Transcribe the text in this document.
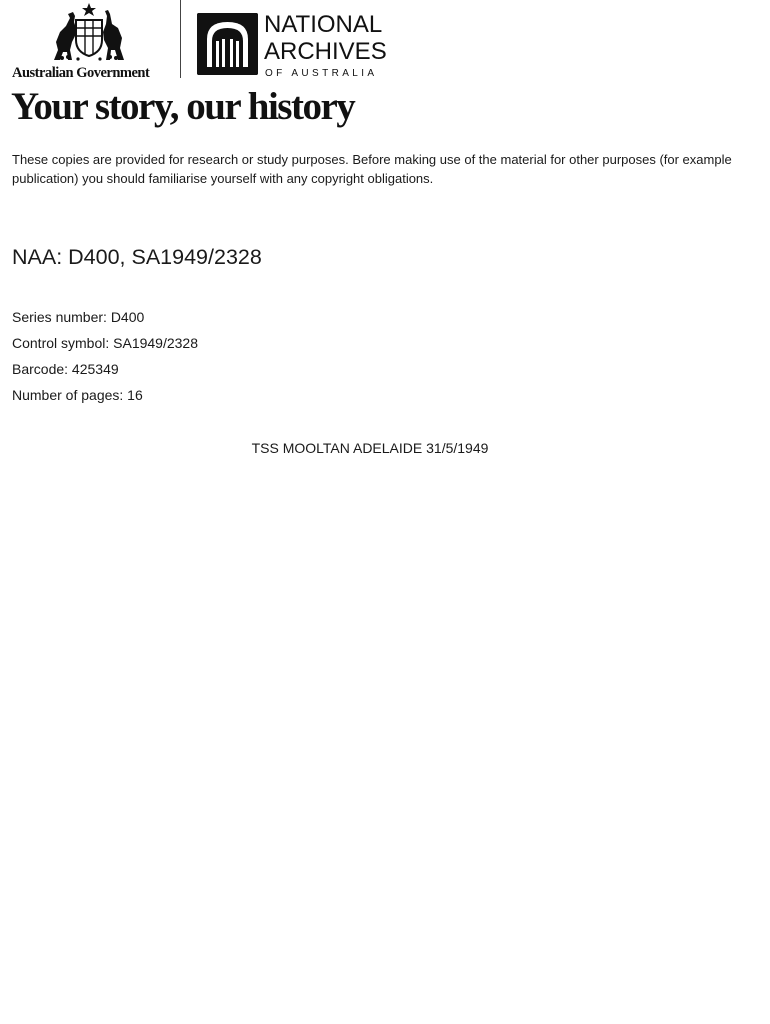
Australian Government
NATIONAL
ARCHIVES
OF AUSTRALIA
Your story, our history

These copies are provided for research or study purposes. Before making use of the material for other purposes (for example publication) you should familiarise yourself with any copyright obligations.

NAA: D400, SA1949/2328
Series number: D400
Control symbol: SA1949/2328
Barcode: 425349
Number of pages: 16

TSS MOOLTAN ADELAIDE 31/5/1949
